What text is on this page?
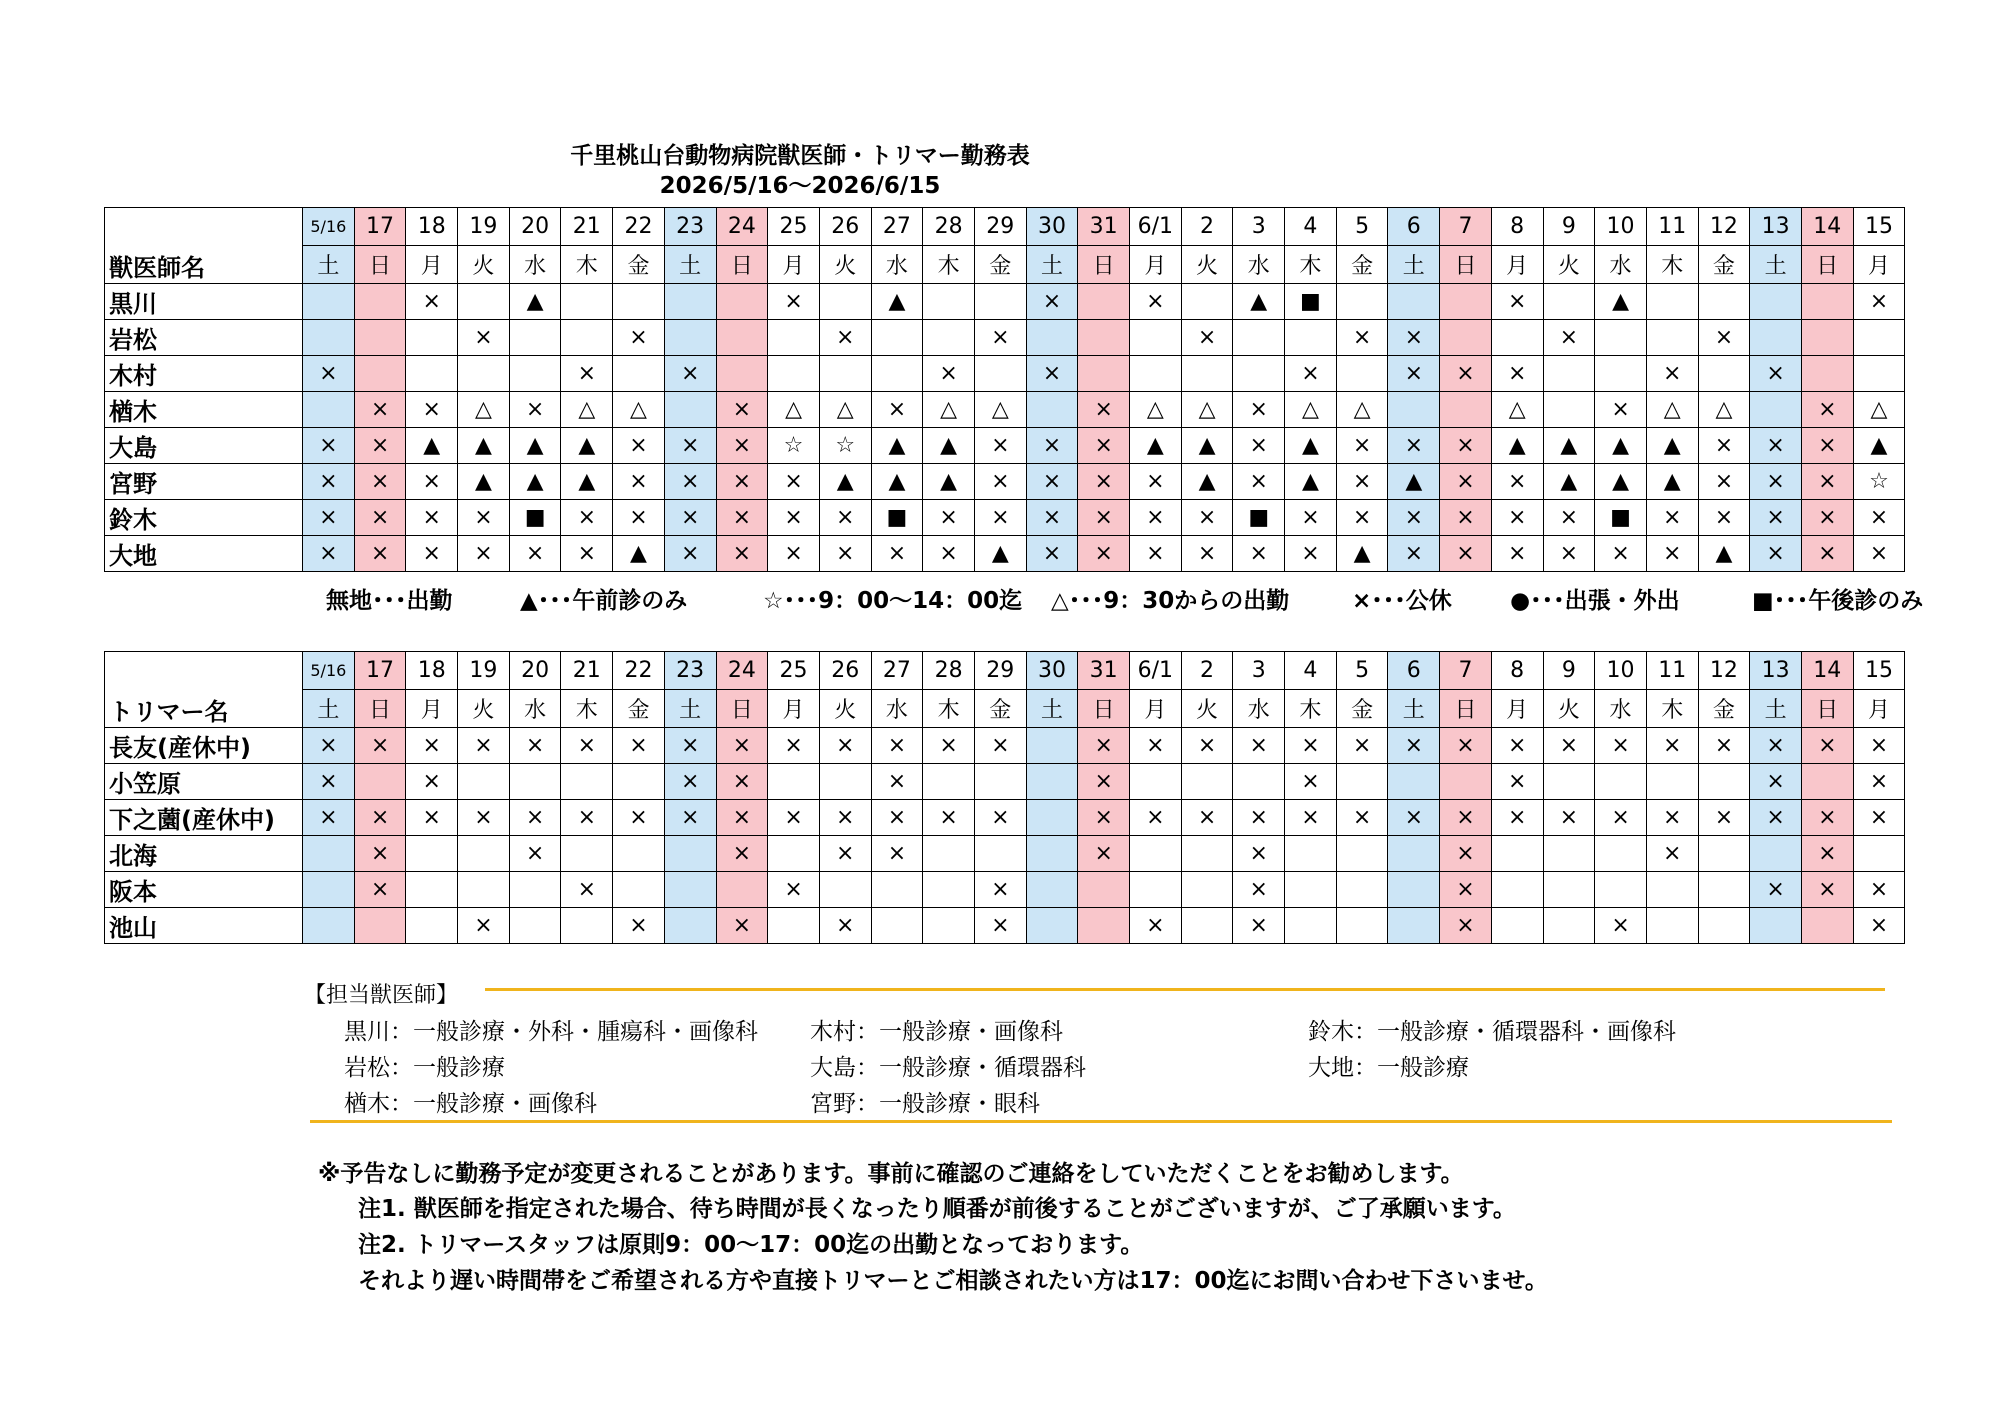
千里桃山台動物病院獣医師・トリマー勤務表
2026/5/16～2026/6/15
獣医師名	5/16	17	18	19	20	21	22	23	24	25	26	27	28	29	30	31	6/1	2	3	4	5	6	7	8	9	10	11	12	13	14	15
	土	日	月	火	水	木	金	土	日	月	火	水	木	金	土	日	月	火	水	木	金	土	日	月	火	水	木	金	土	日	月
黒川			×		▲					×		▲			×		×		▲	■				×		▲					×
岩松				×			×				×			×				×			×	×			×			×			
木村	×					×		×					×		×					×		×	×	×			×		×		
楢木		×	×	△	×	△	△		×	△	△	×	△	△		×	△	△	×	△	△			△		×	△	△		×	△
大島	×	×	▲	▲	▲	▲	×	×	×	☆	☆	▲	▲	×	×	×	▲	▲	×	▲	×	×	×	▲	▲	▲	▲	×	×	×	▲
宮野	×	×	×	▲	▲	▲	×	×	×	×	▲	▲	▲	×	×	×	×	▲	×	▲	×	▲	×	×	▲	▲	▲	×	×	×	☆
鈴木	×	×	×	×	■	×	×	×	×	×	×	■	×	×	×	×	×	×	■	×	×	×	×	×	×	■	×	×	×	×	×
大地	×	×	×	×	×	×	▲	×	×	×	×	×	×	▲	×	×	×	×	×	×	▲	×	×	×	×	×	×	▲	×	×	×
無地･･･出勤	▲･･･午前診のみ	☆･･･9：00～14：00迄 △･･･9：30からの出勤	×･･･公休	●･･･出張・外出	■･･･午後診のみ
トリマー名	5/16	17	18	19	20	21	22	23	24	25	26	27	28	29	30	31	6/1	2	3	4	5	6	7	8	9	10	11	12	13	14	15
	土	日	月	火	水	木	金	土	日	月	火	水	木	金	土	日	月	火	水	木	金	土	日	月	火	水	木	金	土	日	月
長友(産休中)	×	×	×	×	×	×	×	×	×	×	×	×	×	×		×	×	×	×	×	×	×	×	×	×	×	×	×	×	×	×
小笠原	×		×					×	×			×				×				×				×					×		×
下之薗(産休中)	×	×	×	×	×	×	×	×	×	×	×	×	×	×		×	×	×	×	×	×	×	×	×	×	×	×	×	×	×	×
北海		×			×				×		×	×				×			×				×				×			×	
阪本		×				×				×				×					×				×						×	×	×
池山				×			×		×		×			×			×		×				×			×					×
【担当獣医師】
黒川：一般診療・外科・腫瘍科・画像科
岩松：一般診療
楢木：一般診療・画像科
木村：一般診療・画像科
大島：一般診療・循環器科
宮野：一般診療・眼科
鈴木：一般診療・循環器科・画像科
大地：一般診療
※予告なしに勤務予定が変更されることがあります。事前に確認のご連絡をしていただくことをお勧めします。
注1. 獣医師を指定された場合、待ち時間が長くなったり順番が前後することがございますが、ご了承願います。
注2. トリマースタッフは原則9：00～17：00迄の出勤となっております。
それより遅い時間帯をご希望される方や直接トリマーとご相談されたい方は17：00迄にお問い合わせ下さいませ。
